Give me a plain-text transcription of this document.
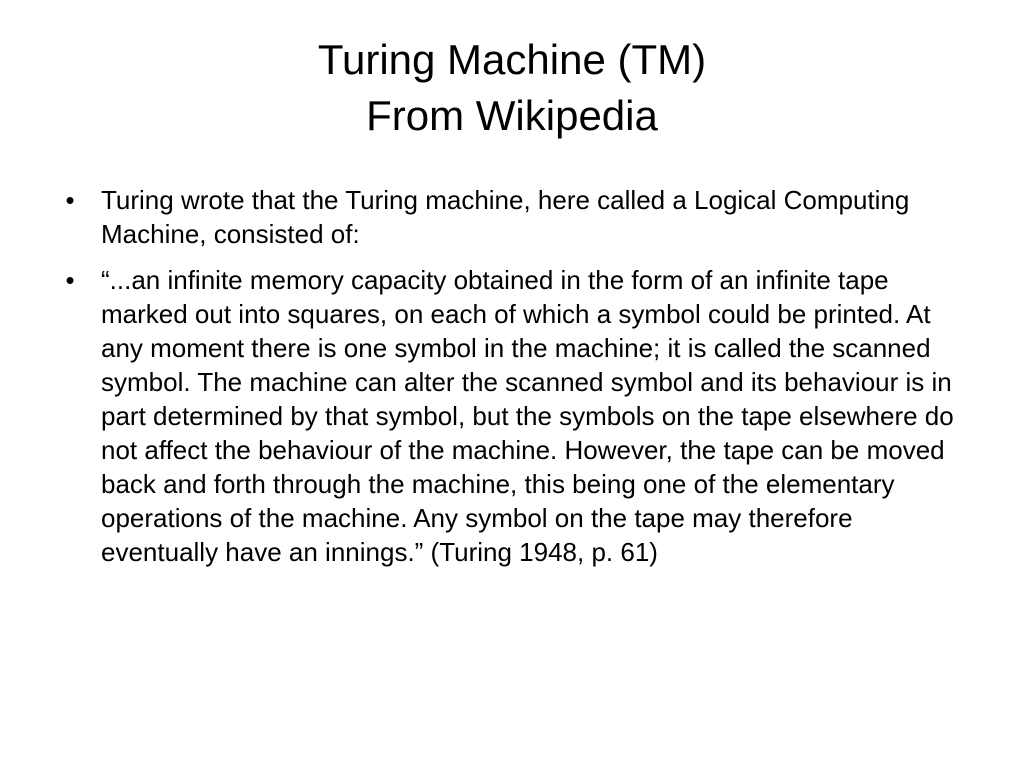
Turing Machine (TM)
From Wikipedia
• Turing wrote that the Turing machine, here called a Logical Computing Machine, consisted of:
• “...an infinite memory capacity obtained in the form of an infinite tape marked out into squares, on each of which a symbol could be printed. At any moment there is one symbol in the machine; it is called the scanned symbol. The machine can alter the scanned symbol and its behaviour is in part determined by that symbol, but the symbols on the tape elsewhere do not affect the behaviour of the machine. However, the tape can be moved back and forth through the machine, this being one of the elementary operations of the machine. Any symbol on the tape may therefore eventually have an innings.” (Turing 1948, p. 61)
